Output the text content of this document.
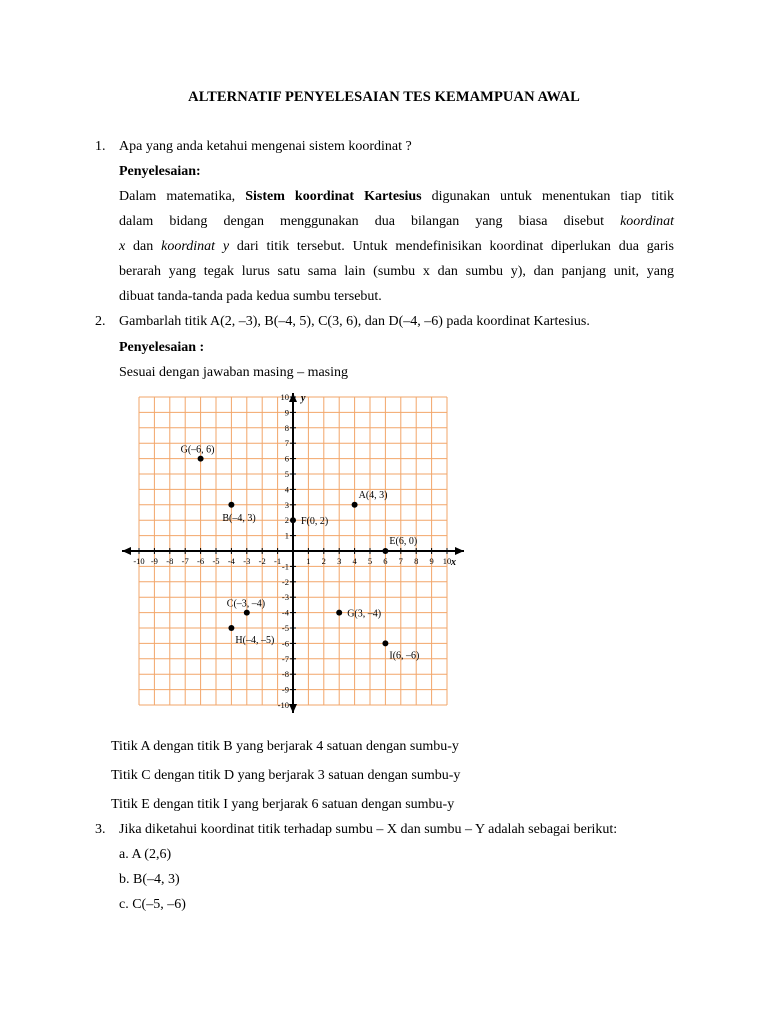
ALTERNATIF PENYELESAIAN TES KEMAMPUAN AWAL
1. Apa yang anda ketahui mengenai sistem koordinat ?
Penyelesaian:
Dalam matematika, Sistem koordinat Kartesius digunakan untuk menentukan tiap titik
dalam bidang dengan menggunakan dua bilangan yang biasa disebut koordinat
x dan koordinat y dari titik tersebut. Untuk mendefinisikan koordinat diperlukan dua garis
berarah yang tegak lurus satu sama lain (sumbu x dan sumbu y), dan panjang unit, yang
dibuat tanda-tanda pada kedua sumbu tersebut.
2. Gambarlah titik A(2, –3), B(–4, 5), C(3, 6), dan D(–4, –6) pada koordinat Kartesius.
Penyelesaian :
Sesuai dengan jawaban masing – masing
-10 -9 -8 -7 -6 -5 -4 -3 -2 -1	1 2 3 4 5 6 7 8 9 10
10
9
8
7
6
5
4
3
2
1
-1
-2
-3
-4
-5
-6
-7
-8
-9
-10
x
y
G(–6, 6)
B(–4, 3)	F(0, 2)
A(4, 3)
E(6, 0)
C(–3, –4)
H(–4, –5)
G(3, –4)
I(6, –6)
Titik A dengan titik B yang berjarak 4 satuan dengan sumbu-y
Titik C dengan titik D yang berjarak 3 satuan dengan sumbu-y
Titik E dengan titik I yang berjarak 6 satuan dengan sumbu-y
3. Jika diketahui koordinat titik terhadap sumbu – X dan sumbu – Y adalah sebagai berikut:
a. A (2,6)
b. B(–4, 3)
c. C(–5, –6)
